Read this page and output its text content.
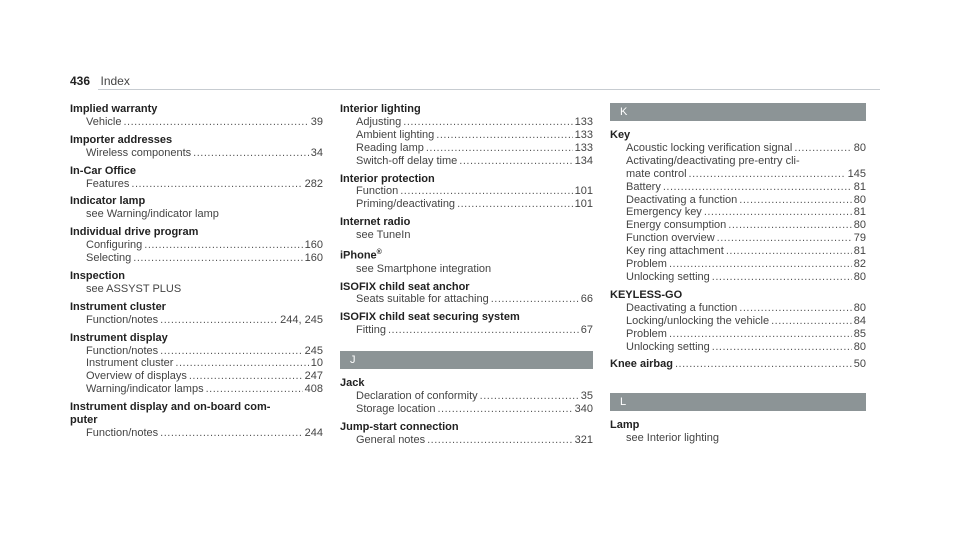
436 Index
Implied warranty
Vehicle .....	39
Importer addresses
Wireless components .....	34
In-Car Office
Features .....	282
Indicator lamp
see Warning/indicator lamp
Individual drive program
Configuring .....	160
Selecting .....	160
Inspection
see ASSYST PLUS
Instrument cluster
Function/notes .....	244, 245
Instrument display
Function/notes .....	245
Instrument cluster .....	10
Overview of displays .....	247
Warning/indicator lamps .....	408
Instrument display and on-board com-
puter
Function/notes .....	244
Interior lighting
Adjusting .....	133
Ambient lighting .....	133
Reading lamp .....	133
Switch-off delay time .....	134
Interior protection
Function .....	101
Priming/deactivating .....	101
Internet radio
see TuneIn
iPhone®
see Smartphone integration
ISOFIX child seat anchor
Seats suitable for attaching .....	66
ISOFIX child seat securing system
Fitting .....	67
J
Jack
Declaration of conformity .....	35
Storage location .....	340
Jump-start connection
General notes .....	321
K
Key
Acoustic locking verification signal .....	80
Activating/deactivating pre-entry cli-
mate control .....	145
Battery .....	81
Deactivating a function .....	80
Emergency key .....	81
Energy consumption .....	80
Function overview .....	79
Key ring attachment .....	81
Problem .....	82
Unlocking setting .....	80
KEYLESS-GO
Deactivating a function .....	80
Locking/unlocking the vehicle .....	84
Problem .....	85
Unlocking setting .....	80
Knee airbag .....	50
L
Lamp
see Interior lighting
